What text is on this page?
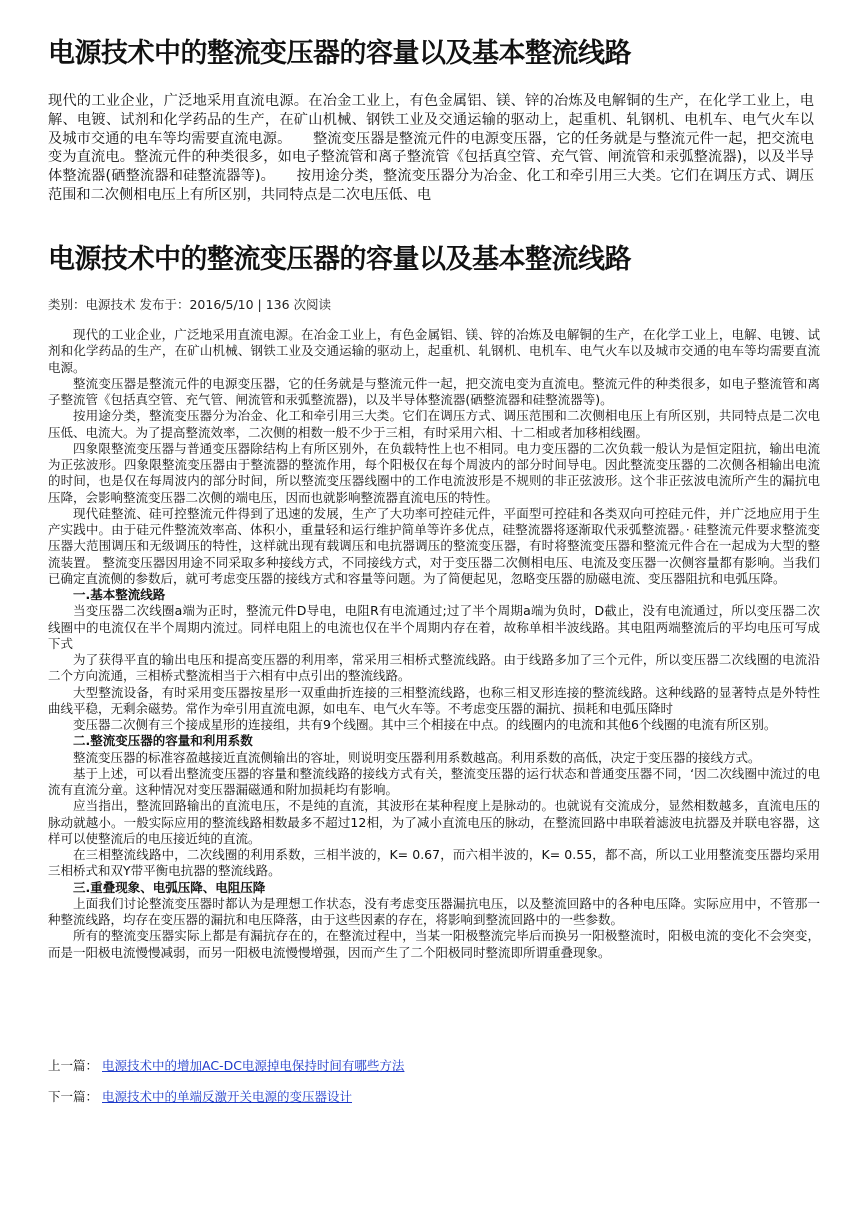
电源技术中的整流变压器的容量以及基本整流线路

现代的工业企业，广泛地采用直流电源。在冶金工业上，有色金属铝、镁、锌的冶炼及电解铜的生产，在化学工业上，电解、电镀、试剂和化学药品的生产，在矿山机械、钢铁工业及交通运输的驱动上，起重机、轧钢机、电机车、电气火车以及城市交通的电车等均需要直流电源。　　整流变压器是整流元件的电源变压器，它的任务就是与整流元件一起，把交流电变为直流电。整流元件的种类很多，如电子整流管和离子整流管《包括真空管、充气管、闸流管和汞弧整流器)，以及半导体整流器(硒整流器和硅整流器等)。　　按用途分类，整流变压器分为冶金、化工和牵引用三大类。它们在调压方式、调压范围和二次侧相电压上有所区别，共同特点是二次电压低、电

电源技术中的整流变压器的容量以及基本整流线路

类别：电源技术 发布于：2016/5/10 | 136 次阅读

现代的工业企业，广泛地采用直流电源。在冶金工业上，有色金属铝、镁、锌的冶炼及电解铜的生产，在化学工业上，电解、电镀、试剂和化学药品的生产，在矿山机械、钢铁工业及交通运输的驱动上，起重机、轧钢机、电机车、电气火车以及城市交通的电车等均需要直流电源。

整流变压器是整流元件的电源变压器，它的任务就是与整流元件一起，把交流电变为直流电。整流元件的种类很多，如电子整流管和离子整流管《包括真空管、充气管、闸流管和汞弧整流器)，以及半导体整流器(硒整流器和硅整流器等)。

按用途分类，整流变压器分为冶金、化工和牵引用三大类。它们在调压方式、调压范围和二次侧相电压上有所区别，共同特点是二次电压低、电流大。为了提高整流效率，二次侧的相数一般不少于三相，有时采用六相、十二相或者加移相线圈。

四象限整流变压器与普通变压器除结构上有所区别外，在负载特性上也不相同。电力变压器的二次负载一般认为是恒定阻抗，输出电流为正弦波形。四象限整流变压器由于整流器的整流作用，每个阳极仅在每个周波内的部分时间导电。因此整流变压器的二次侧各相输出电流的时间，也是仅在每周波内的部分时间，所以整流变压器线圈中的工作电流波形是不规则的非正弦波形。这个非正弦波电流所产生的漏抗电压降，会影响整流变压器二次侧的端电压，因而也就影响整流器直流电压的特性。

现代硅整流、硅可控整流元件得到了迅速的发展，生产了大功率可控硅元件，平面型可控硅和各类双向可控硅元件，并广泛地应用于生产实践中。由于硅元件整流效率高、体积小，重量轻和运行维护简单等许多优点，硅整流器将逐渐取代汞弧整流器。· 硅整流元件要求整流变压器大范围调压和无级调压的特性，这样就出现有载调压和电抗器调压的整流变压器，有时将整流变压器和整流元件合在一起成为大型的整流装置。 整流变压器因用途不同采取多种接线方式，不同接线方式，对于变压器二次侧相电压、电流及变压器一次侧容量都有影响。当我们已确定直流侧的参数后，就可考虑变压器的接线方式和容量等问题。为了简便起见，忽略变压器的励磁电流、变压器阻抗和电弧压降。

一.基本整流线路

当变压器二次线圈a端为正时，整流元件D导电，电阻R有电流通过;过了半个周期a端为负时，D截止，没有电流通过，所以变压器二次线圈中的电流仅在半个周期内流过。同样电阻上的电流也仅在半个周期内存在着，故称单相半波线路。其电阻两端整流后的平均电压可写成下式

为了获得平直的输出电压和提高变压器的利用率，常采用三相桥式整流线路。由于线路多加了三个元件，所以变压器二次线圈的电流沿二个方向流通，三相桥式整流相当于六相有中点引出的整流线路。

大型整流设备，有时采用变压器按星形一双重曲折连接的三相整流线路，也称三相叉形连接的整流线路。这种线路的显著特点是外特性曲线平稳，无剩余磁势。常作为牵引用直流电源，如电车、电气火车等。不考虑变压器的漏抗、损耗和电弧压降时

变压器二次侧有三个接成星形的连接组，共有9个线圈。其中三个相接在中点。的线圈内的电流和其他6个线圈的电流有所区别。

二.整流变压器的容量和利用系数

整流变压器的标准容盈越接近直流侧输出的容址，则说明变压器利用系数越高。利用系数的高低，决定于变压器的接线方式。

基于上述，可以看出整流变压器的容量和整流线路的接线方式有关，整流变压器的运行状态和普通变压器不同，‘因二次线圈中流过的电流有直流分童。这种情况对变压器漏磁通和附加损耗均有影响。

应当指出，整流回路输出的直流电压，不是纯的直流，其波形在某种程度上是脉动的。也就说有交流成分，显然相数越多，直流电压的脉动就越小。一般实际应用的整流线路相数最多不超过12相，为了减小直流电压的脉动，在整流回路中串联着滤波电抗器及并联电容器，这样可以使整流后的电压接近纯的直流。

在三相整流线路中，二次线圈的利用系数，三相半波的，K= 0.67，而六相半波的，K= 0.55，都不高，所以工业用整流变压器均采用三相桥式和双Y带平衡电抗器的整流线路。

三.重叠现象、电弧压降、电阻压降

上面我们讨论整流变压器时都认为是理想工作状态，没有考虑变压器漏抗电压，以及整流回路中的各种电压降。实际应用中，不管那一种整流线路，均存在变压器的漏抗和电压降落，由于这些因素的存在，将影响到整流回路中的一些参数。

所有的整流变压器实际上都是有漏抗存在的，在整流过程中，当某一阳极整流完毕后而换另一阳极整流时，阳极电流的变化不会突变，而是一阳极电流慢慢减弱，而另一阳极电流慢慢增强，因而产生了二个阳极同时整流即所谓重叠现象。

上一篇： 电源技术中的增加AC-DC电源掉电保持时间有哪些方法

下一篇： 电源技术中的单端反激开关电源的变压器设计
